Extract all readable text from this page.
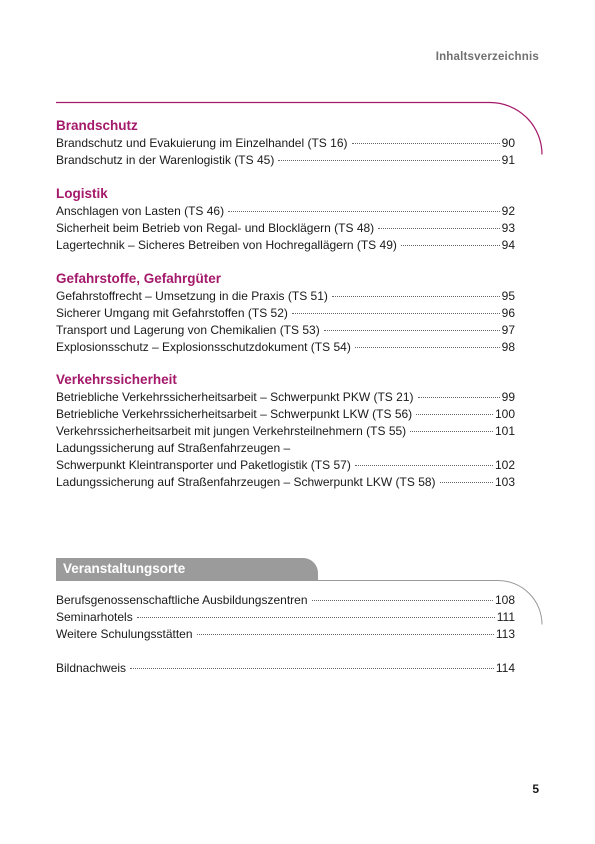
Inhaltsverzeichnis
Brandschutz
Brandschutz und Evakuierung im Einzelhandel (TS 16)	90
Brandschutz in der Warenlogistik (TS 45)	91
Logistik
Anschlagen von Lasten (TS 46)	92
Sicherheit beim Betrieb von Regal- und Blocklägern (TS 48)	93
Lagertechnik – Sicheres Betreiben von Hochregallägern (TS 49)	94
Gefahrstoffe, Gefahrgüter
Gefahrstoffrecht – Umsetzung in die Praxis (TS 51)	95
Sicherer Umgang mit Gefahrstoffen (TS 52)	96
Transport und Lagerung von Chemikalien (TS 53)	97
Explosionsschutz – Explosionsschutzdokument (TS 54)	98
Verkehrssicherheit
Betriebliche Verkehrssicherheitsarbeit – Schwerpunkt PKW (TS 21)	99
Betriebliche Verkehrssicherheitsarbeit – Schwerpunkt LKW (TS 56)	100
Verkehrssicherheitsarbeit mit jungen Verkehrsteilnehmern (TS 55)	101
Ladungssicherung auf Straßenfahrzeugen –
Schwerpunkt Kleintransporter und Paketlogistik (TS 57)	102
Ladungssicherung auf Straßenfahrzeugen – Schwerpunkt LKW (TS 58)	103
Veranstaltungsorte
Berufsgenossenschaftliche Ausbildungszentren	108
Seminarhotels	111
Weitere Schulungsstätten	113
Bildnachweis	114
5
